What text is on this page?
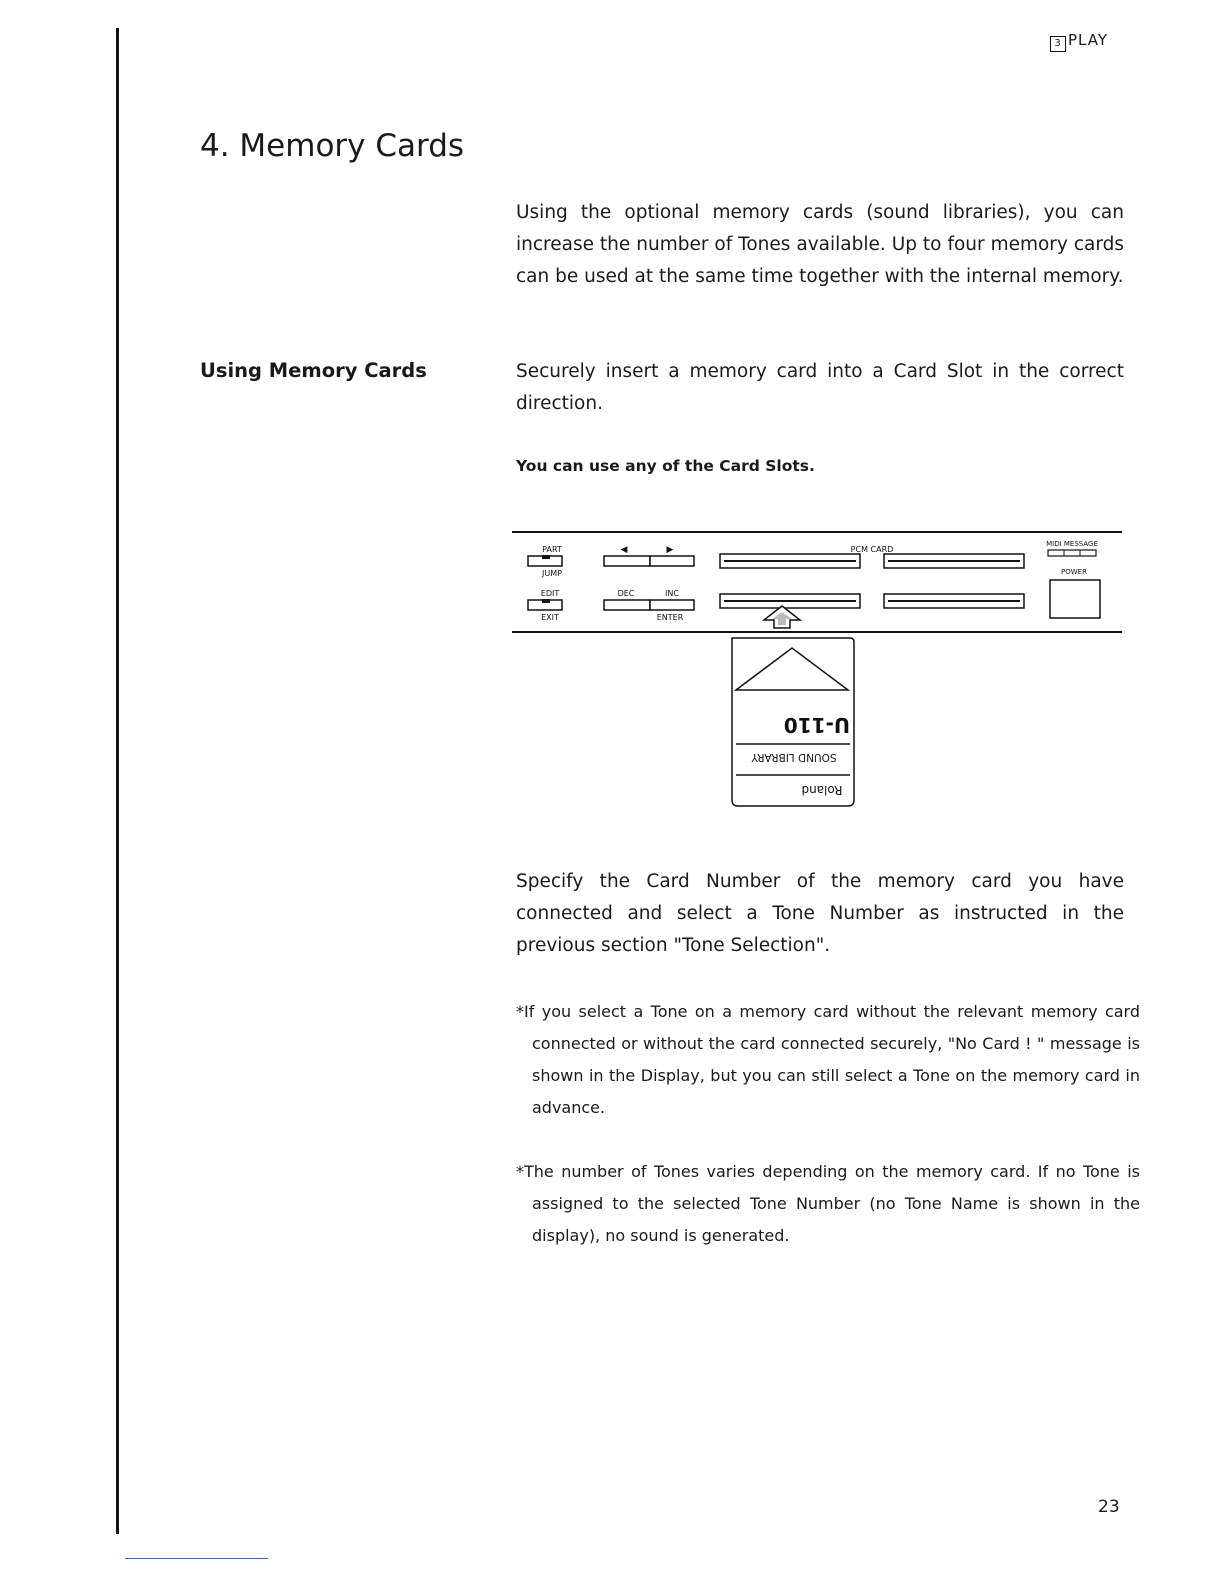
3 PLAY
4. Memory Cards

Using the optional memory cards (sound libraries), you can increase the number of Tones available. Up to four memory cards can be used at the same time together with the internal memory.

Using Memory Cards	Securely insert a memory card into a Card Slot in the correct direction.

You can use any of the Card Slots.
PART
JUMP
EDIT
EXIT
◀	▶
DEC	INC
ENTER
PCM CARD
MIDI MESSAGE
POWER
U-110
SOUND LIBRARY
Roland

Specify the Card Number of the memory card you have connected and select a Tone Number as instructed in the previous section "Tone Selection".

*If you select a Tone on a memory card without the relevant memory card connected or without the card connected securely, "No Card ! " message is shown in the Display, but you can still select a Tone on the memory card in advance.

*The number of Tones varies depending on the memory card. If no Tone is assigned to the selected Tone Number (no Tone Name is shown in the display), no sound is generated.

23
